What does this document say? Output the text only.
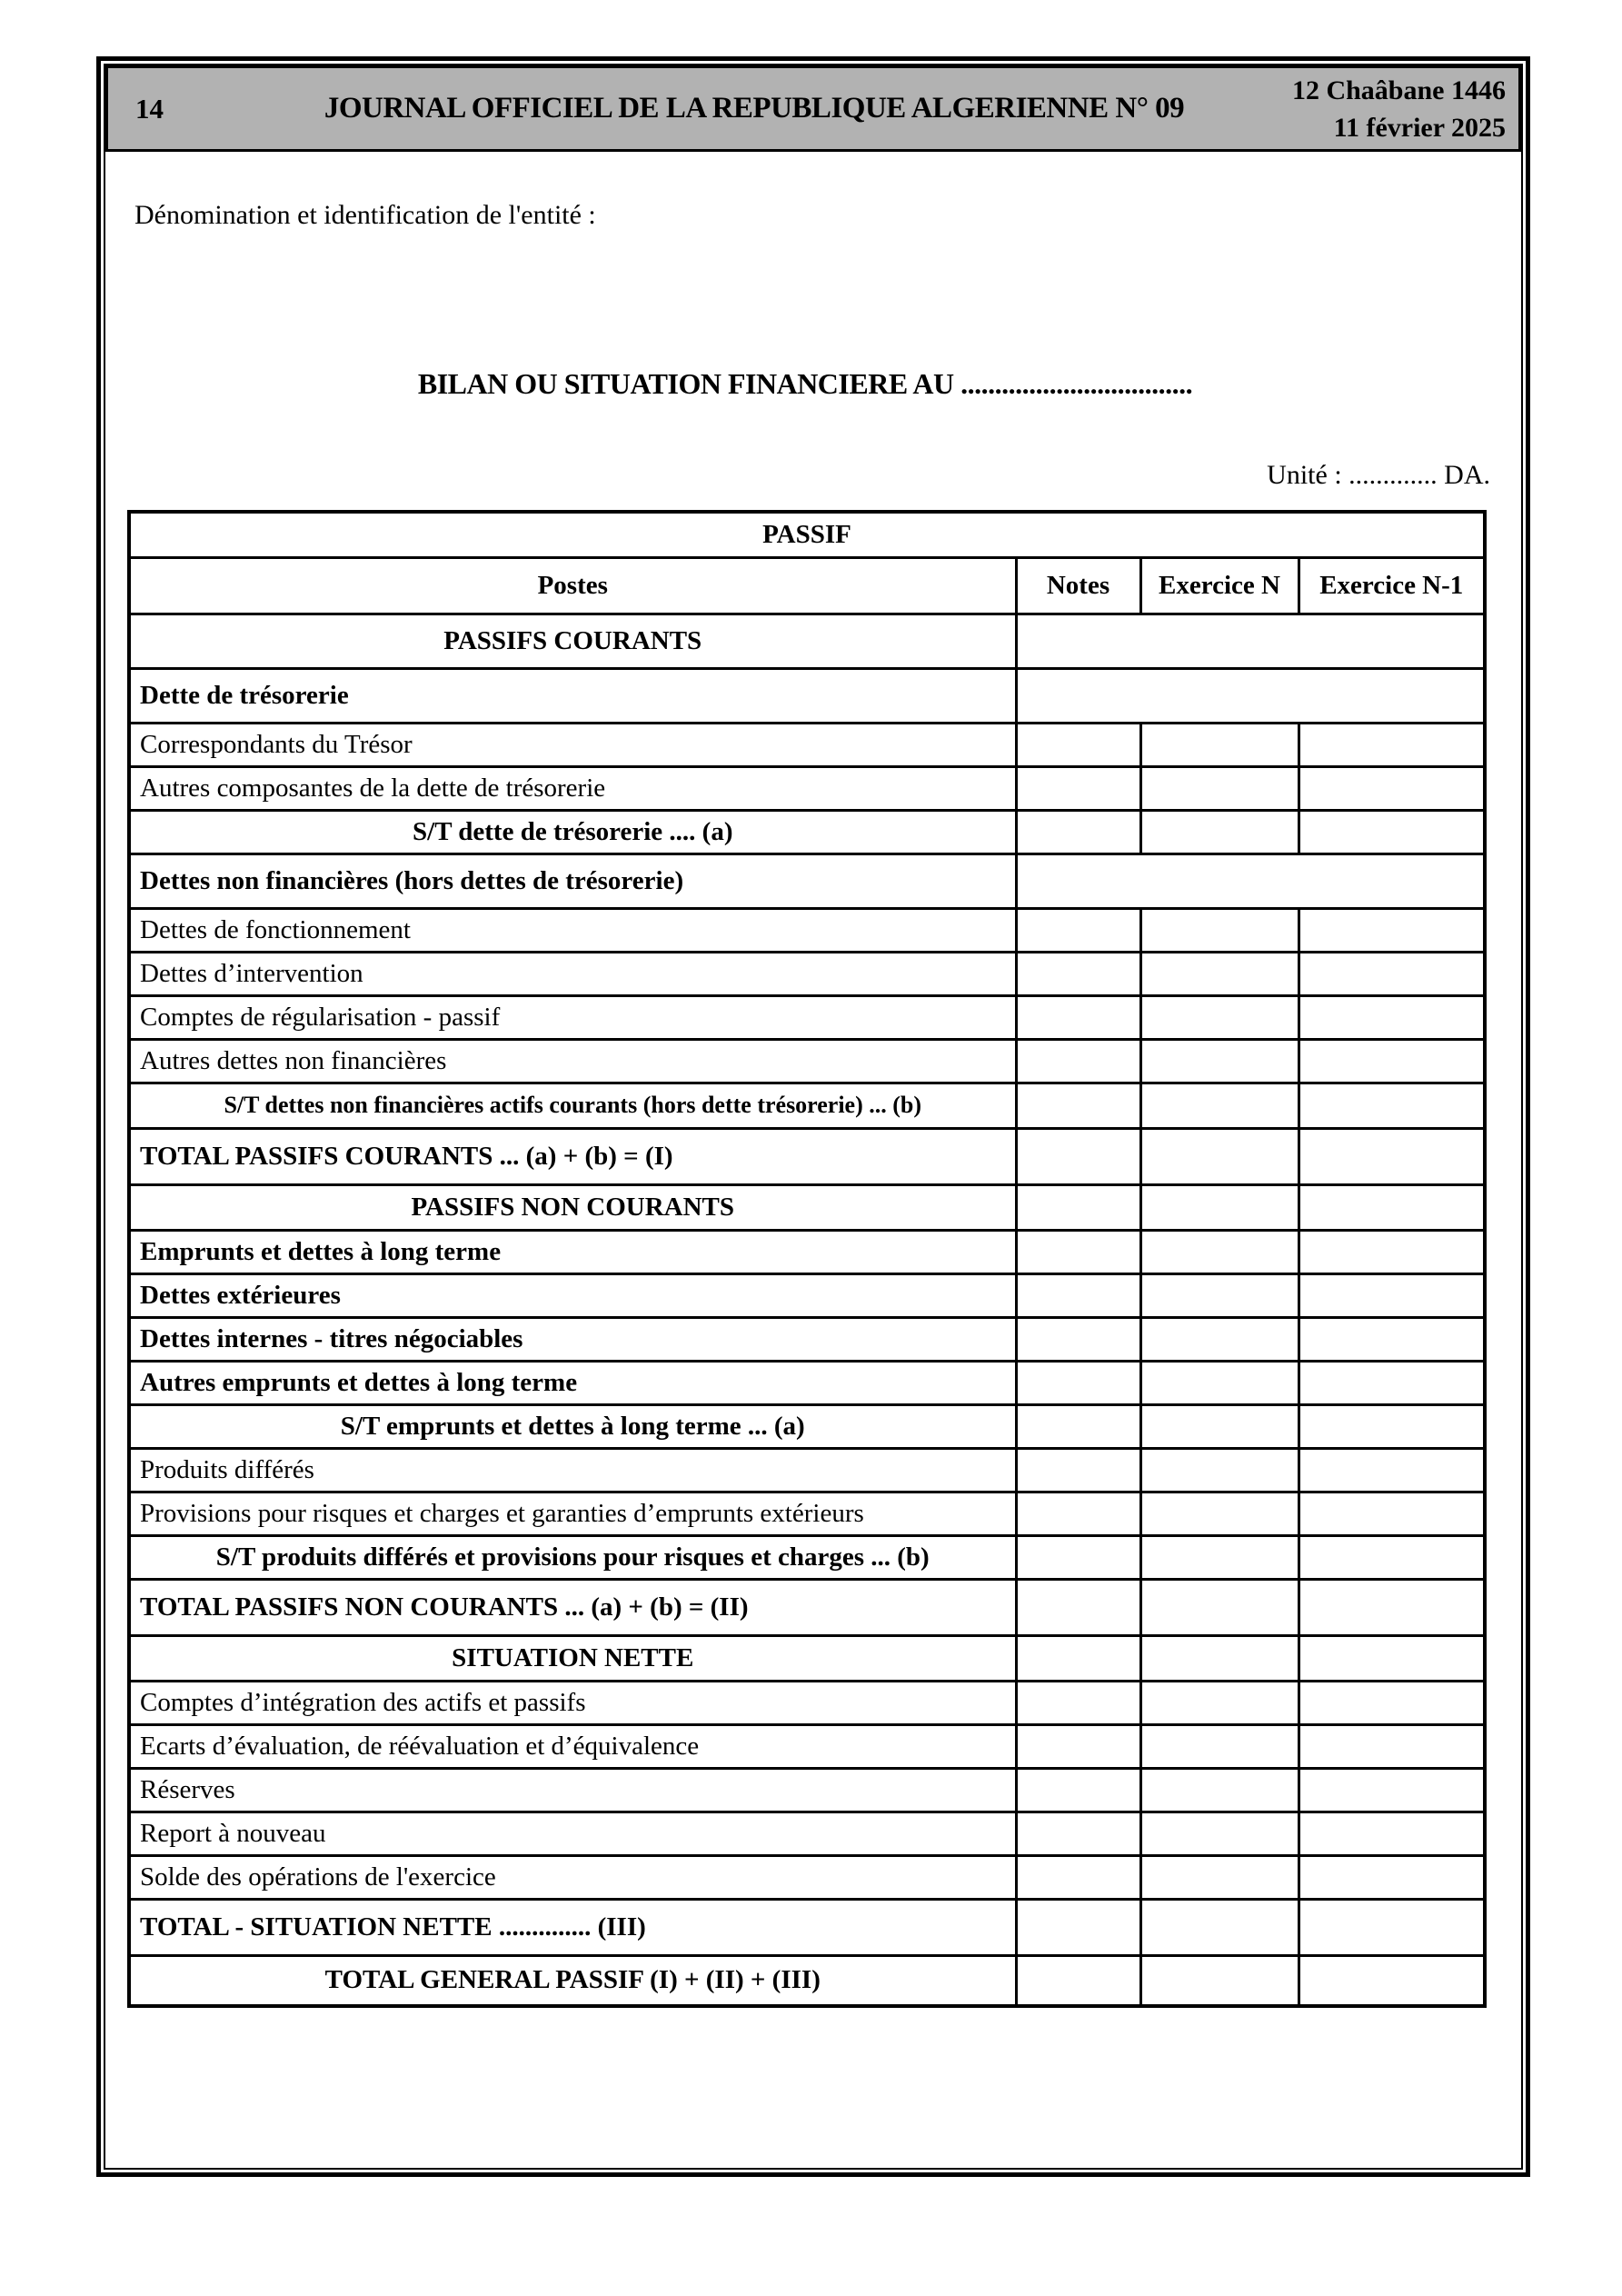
14	JOURNAL OFFICIEL DE LA REPUBLIQUE ALGERIENNE N° 09
12 Chaâbane 1446
11 février 2025
Dénomination et identification de l'entité :
BILAN OU SITUATION FINANCIERE AU ..................................
Unité : ............. DA.
PASSIF			
Postes	Notes	Exercice N	Exercice N-1
PASSIFS COURANTS			
Dette de trésorerie			
Correspondants du Trésor			
Autres composantes de la dette de trésorerie			
S/T dette de trésorerie .... (a)			
Dettes non financières (hors dettes de trésorerie)			
Dettes de fonctionnement			
Dettes d’intervention			
Comptes de régularisation - passif			
Autres dettes non financières			
S/T dettes non financières actifs courants (hors dette trésorerie) ... (b)			
TOTAL PASSIFS COURANTS ... (a) + (b) = (I)			
PASSIFS NON COURANTS			
Emprunts et dettes à long terme			
Dettes extérieures			
Dettes internes - titres négociables			
Autres emprunts et dettes à long terme			
S/T emprunts et dettes à long terme ... (a)			
Produits différés			
Provisions pour risques et charges et garanties d’emprunts extérieurs			
S/T produits différés et provisions pour risques et charges ... (b)			
TOTAL PASSIFS NON COURANTS ... (a) + (b) = (II)			
SITUATION NETTE			
Comptes d’intégration des actifs et passifs			
Ecarts d’évaluation, de réévaluation et d’équivalence			
Réserves			
Report à nouveau			
Solde des opérations de l'exercice			
TOTAL - SITUATION NETTE .............. (III)			
TOTAL GENERAL PASSIF (I) + (II) + (III)			
